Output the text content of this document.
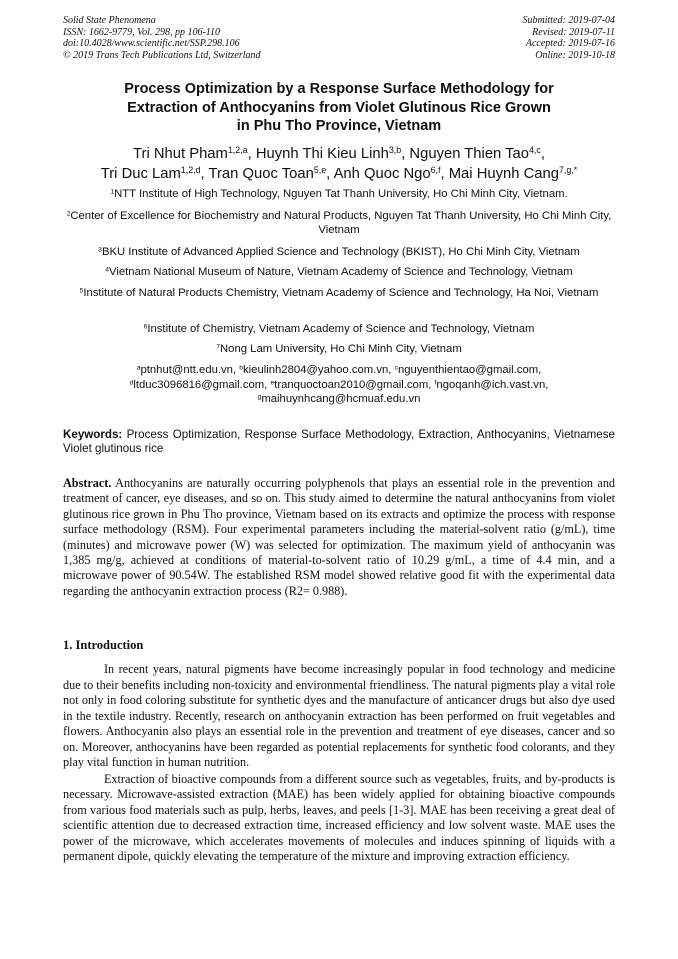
Solid State Phenomena
ISSN: 1662-9779, Vol. 298, pp 106-110
doi:10.4028/www.scientific.net/SSP.298.106
© 2019 Trans Tech Publications Ltd, Switzerland
Submitted: 2019-07-04
Revised: 2019-07-11
Accepted: 2019-07-16
Online: 2019-10-18
Process Optimization by a Response Surface Methodology for
Extraction of Anthocyanins from Violet Glutinous Rice Grown
in Phu Tho Province, Vietnam
Tri Nhut Pham$^{1,2,a}$, Huynh Thi Kieu Linh$^{3,b}$, Nguyen Thien Tao$^{4,c}$,
Tri Duc Lam$^{1,2,d}$, Tran Quoc Toan$^{5,e}$, Anh Quoc Ngo$^{6,f}$, Mai Huynh Cang$^{7,g,*}$
$^1$NTT Institute of High Technology, Nguyen Tat Thanh University, Ho Chi Minh City, Vietnam.
$^2$Center of Excellence for Biochemistry and Natural Products, Nguyen Tat Thanh University, Ho Chi Minh City, Vietnam
$^3$BKU Institute of Advanced Applied Science and Technology (BKIST), Ho Chi Minh City, Vietnam
$^4$Vietnam National Museum of Nature, Vietnam Academy of Science and Technology, Vietnam
$^5$Institute of Natural Products Chemistry, Vietnam Academy of Science and Technology, Ha Noi, Vietnam
$^6$Institute of Chemistry, Vietnam Academy of Science and Technology, Vietnam
$^7$Nong Lam University, Ho Chi Minh City, Vietnam
$^a$ptnhut@ntt.edu.vn, $^b$kieulinh2804@yahoo.com.vn, $^c$nguyenthientao@gmail.com,
$^d$ltduc3096816@gmail.com, $^e$tranquoctoan2010@gmail.com, $^f$ngoqanh@ich.vast.vn,
$^g$maihuynhcang@hcmuaf.edu.vn
Keywords: Process Optimization, Response Surface Methodology, Extraction, Anthocyanins, Vietnamese Violet glutinous rice
Abstract. Anthocyanins are naturally occurring polyphenols that plays an essential role in the prevention and treatment of cancer, eye diseases, and so on. This study aimed to determine the natural anthocyanins from violet glutinous rice grown in Phu Tho province, Vietnam based on its extracts and optimize the process with response surface methodology (RSM). Four experimental parameters including the material-solvent ratio (g/mL), time (minutes) and microwave power (W) was selected for optimization. The maximum yield of anthocyanin was 1,385 mg/g, achieved at conditions of material-to-solvent ratio of 10.29 g/mL, a time of 4.4 min, and a microwave power of 90.54W. The established RSM model showed relative good fit with the experimental data regarding the anthocyanin extraction process (R2= 0.988).
1. Introduction

In recent years, natural pigments have become increasingly popular in food technology and medicine due to their benefits including non-toxicity and environmental friendliness. The natural pigments play a vital role not only in food coloring substitute for synthetic dyes and the manufacture of anticancer drugs but also dye used in the textile industry. Recently, research on anthocyanin extraction has been performed on fruit vegetables and flowers. Anthocyanin also plays an essential role in the prevention and treatment of eye diseases, cancer and so on. Moreover, anthocyanins have been regarded as potential replacements for synthetic food colorants, and they play vital function in human nutrition.

Extraction of bioactive compounds from a different source such as vegetables, fruits, and by-products is necessary. Microwave-assisted extraction (MAE) has been widely applied for obtaining bioactive compounds from various food materials such as pulp, herbs, leaves, and peels [1-3]. MAE has been receiving a great deal of scientific attention due to decreased extraction time, increased efficiency and low solvent waste. MAE uses the power of the microwave, which accelerates movements of molecules and induces spinning of liquids with a permanent dipole, quickly elevating the temperature of the mixture and improving extraction efficiency.
